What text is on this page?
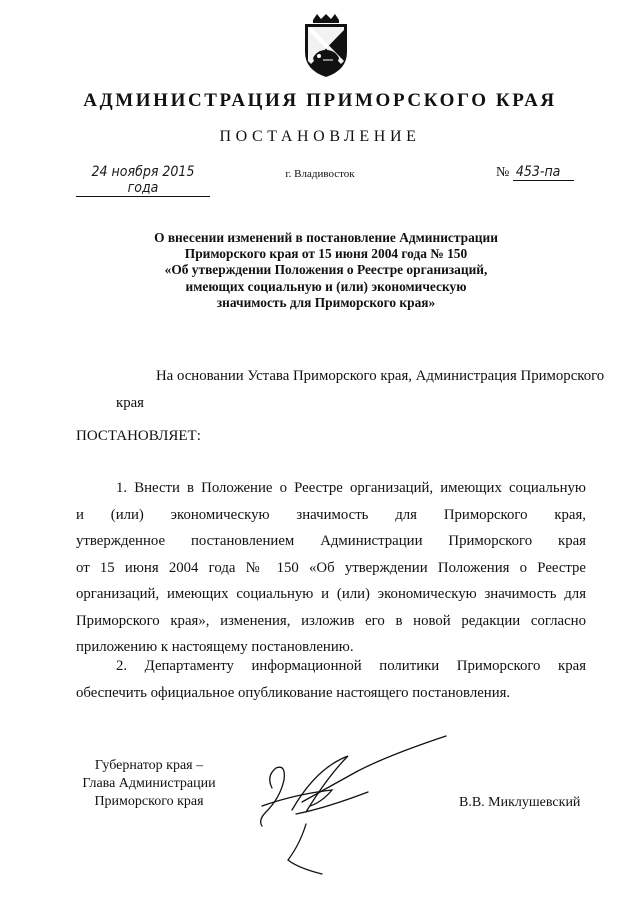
АДМИНИСТРАЦИЯ ПРИМОРСКОГО КРАЯ
ПОСТАНОВЛЕНИЕ
24 ноября 2015 года
г. Владивосток	№ 453-па
О внесении изменений в постановление Администрации
Приморского края от 15 июня 2004 года № 150
«Об утверждении Положения о Реестре организаций,
имеющих социальную и (или) экономическую
значимость для Приморского края»
На основании Устава Приморского края, Администрация Приморского
края
ПОСТАНОВЛЯЕТ:
1. Внести в Положение о Реестре организаций, имеющих социальную
и (или) экономическую значимость для Приморского края,
утвержденное постановлением Администрации Приморского края
от 15 июня 2004 года № 150 «Об утверждении Положения о Реестре
организаций, имеющих социальную и (или) экономическую значимость для
Приморского края», изменения, изложив его в новой редакции согласно
приложению к настоящему постановлению.
2. Департаменту информационной политики Приморского края
обеспечить официальное опубликование настоящего постановления.
Губернатор края –
Глава Администрации
Приморского края	В.В. Миклушевский
